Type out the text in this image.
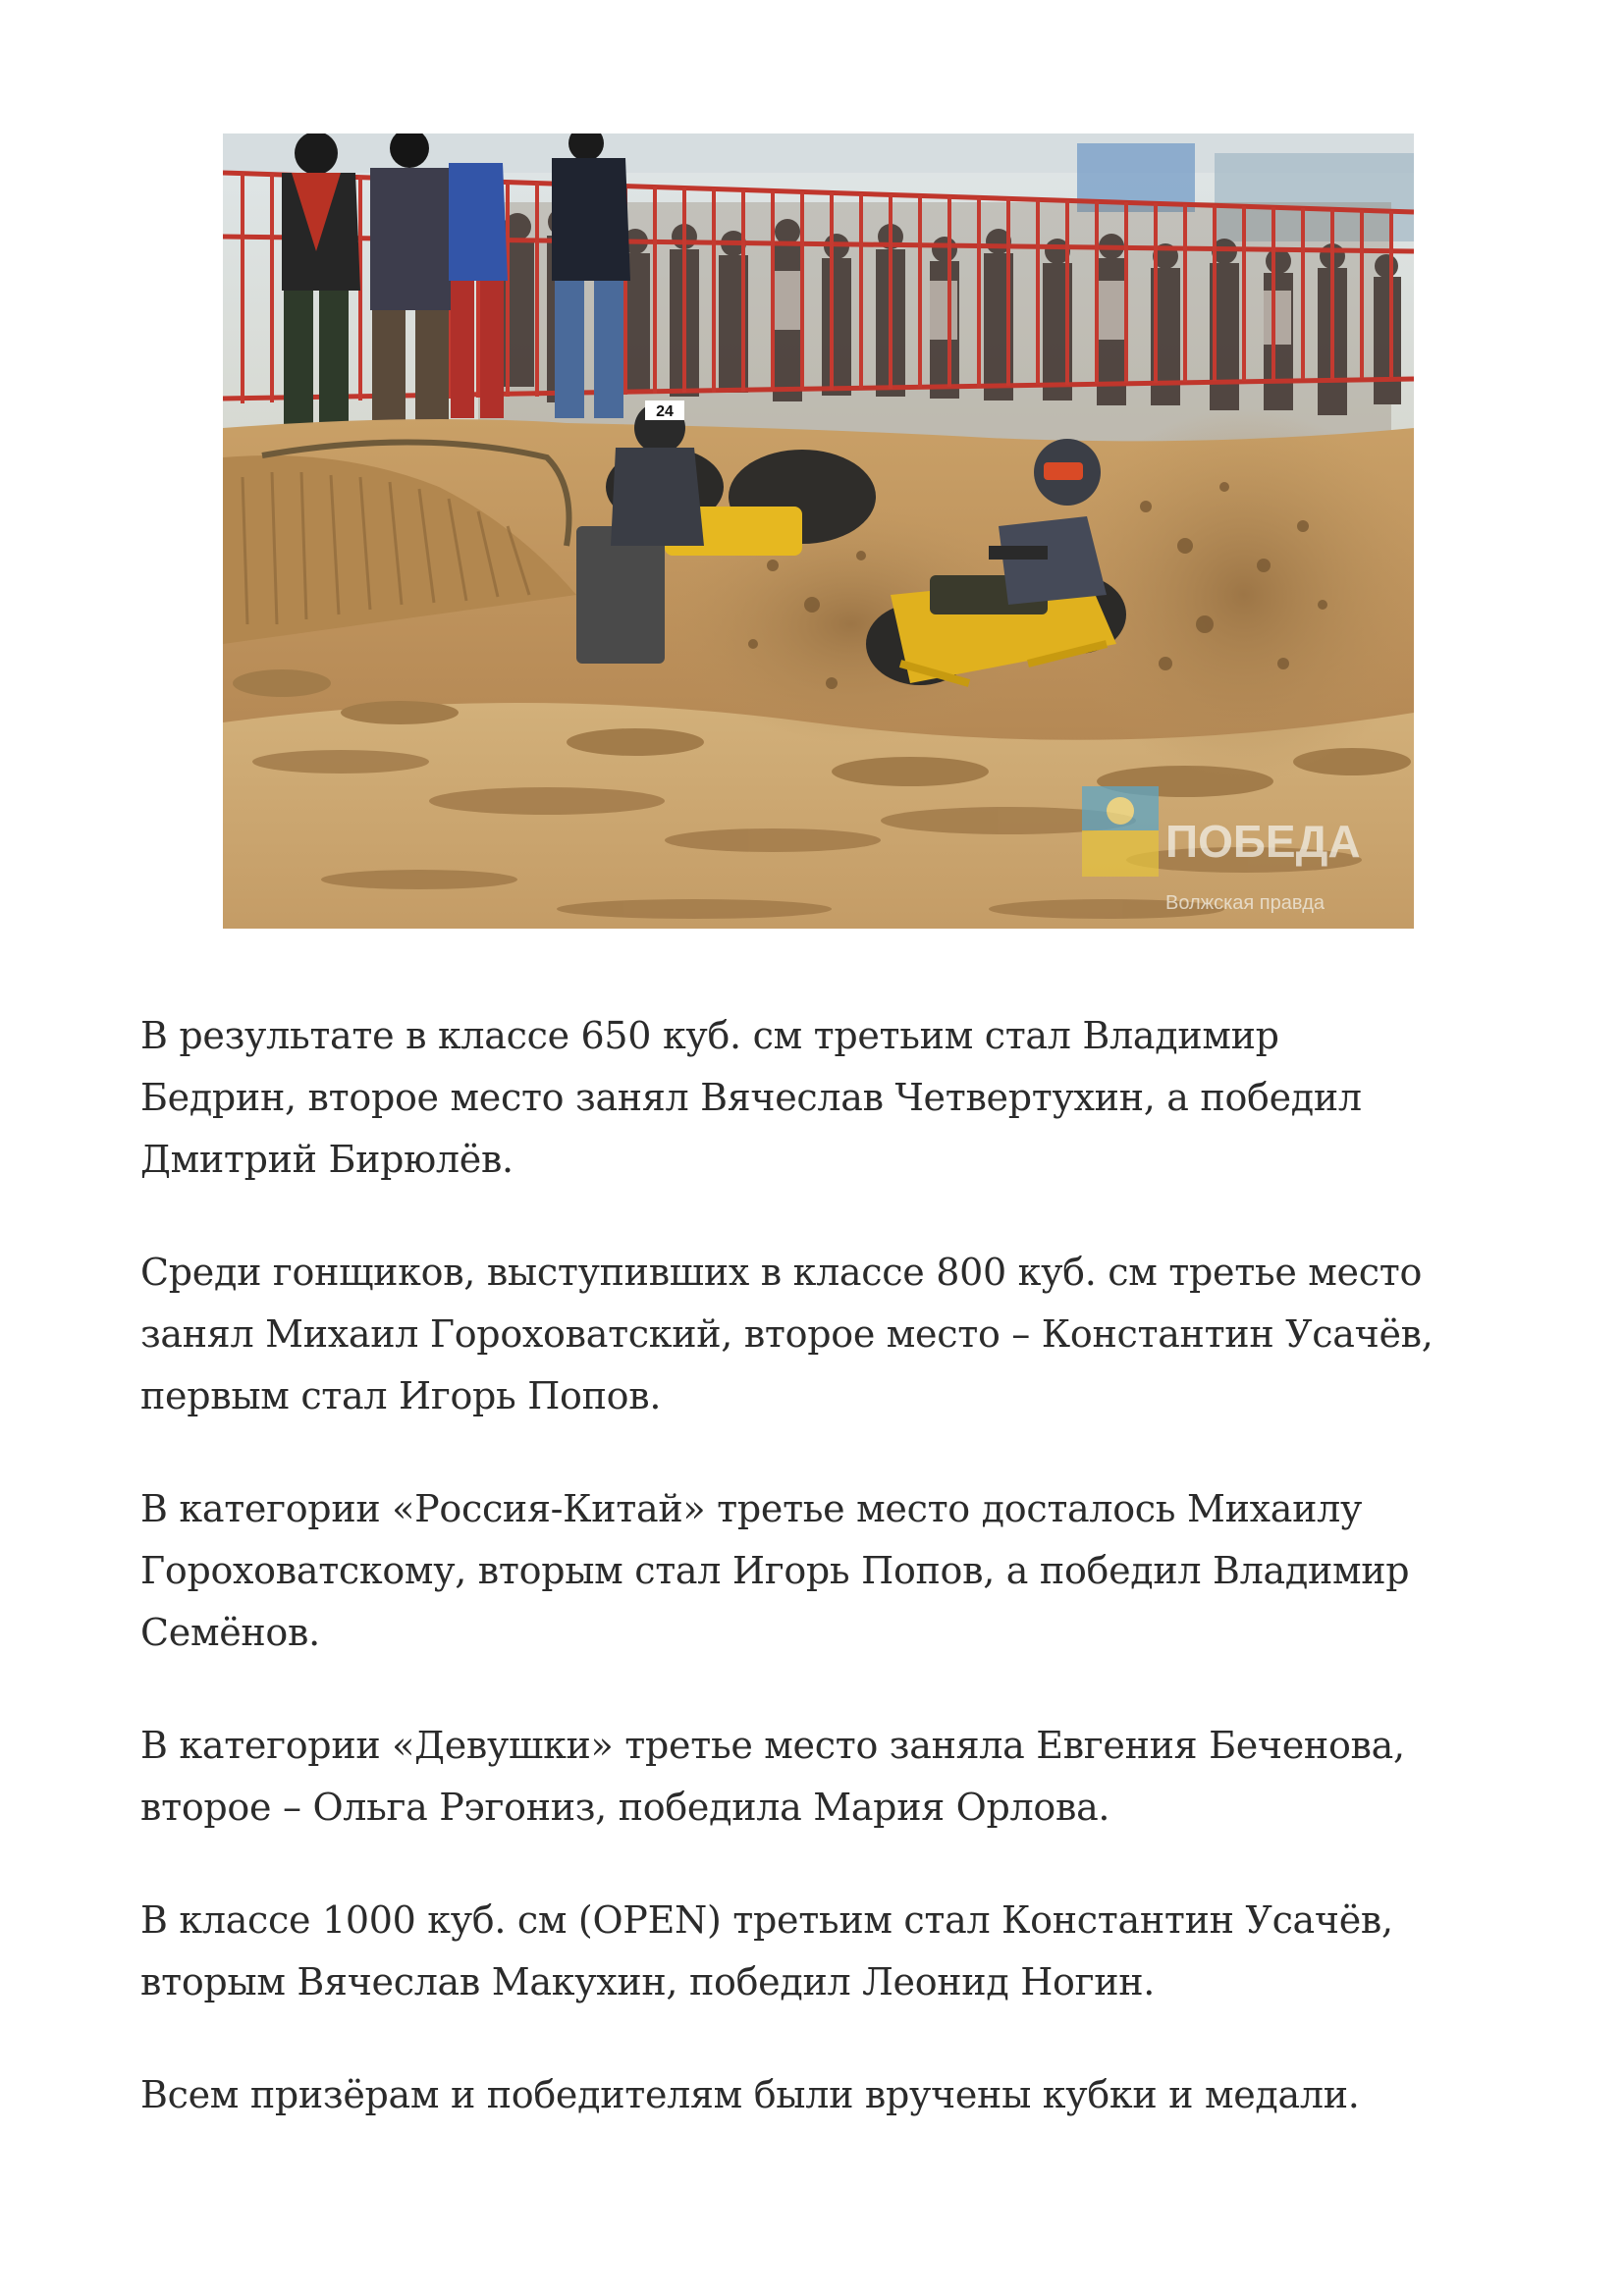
24
ПОБЕДА
Волжская правда

В результате в классе 650 куб. см третьим стал Владимир Бедрин, второе место занял Вячеслав Четвертухин, а победил Дмитрий Бирюлёв.

Среди гонщиков, выступивших в классе 800 куб. см третье место занял Михаил Гороховатский, второе место – Константин Усачёв, первым стал Игорь Попов.

В категории «Россия-Китай» третье место досталось Михаилу Гороховатскому, вторым стал Игорь Попов, а победил Владимир Семёнов.

В категории «Девушки» третье место заняла Евгения Беченова, второе – Ольга Рэгониз, победила Мария Орлова.

В классе 1000 куб. см (OPEN) третьим стал Константин Усачёв, вторым Вячеслав Макухин, победил Леонид Ногин.

Всем призёрам и победителям были вручены кубки и медали.
